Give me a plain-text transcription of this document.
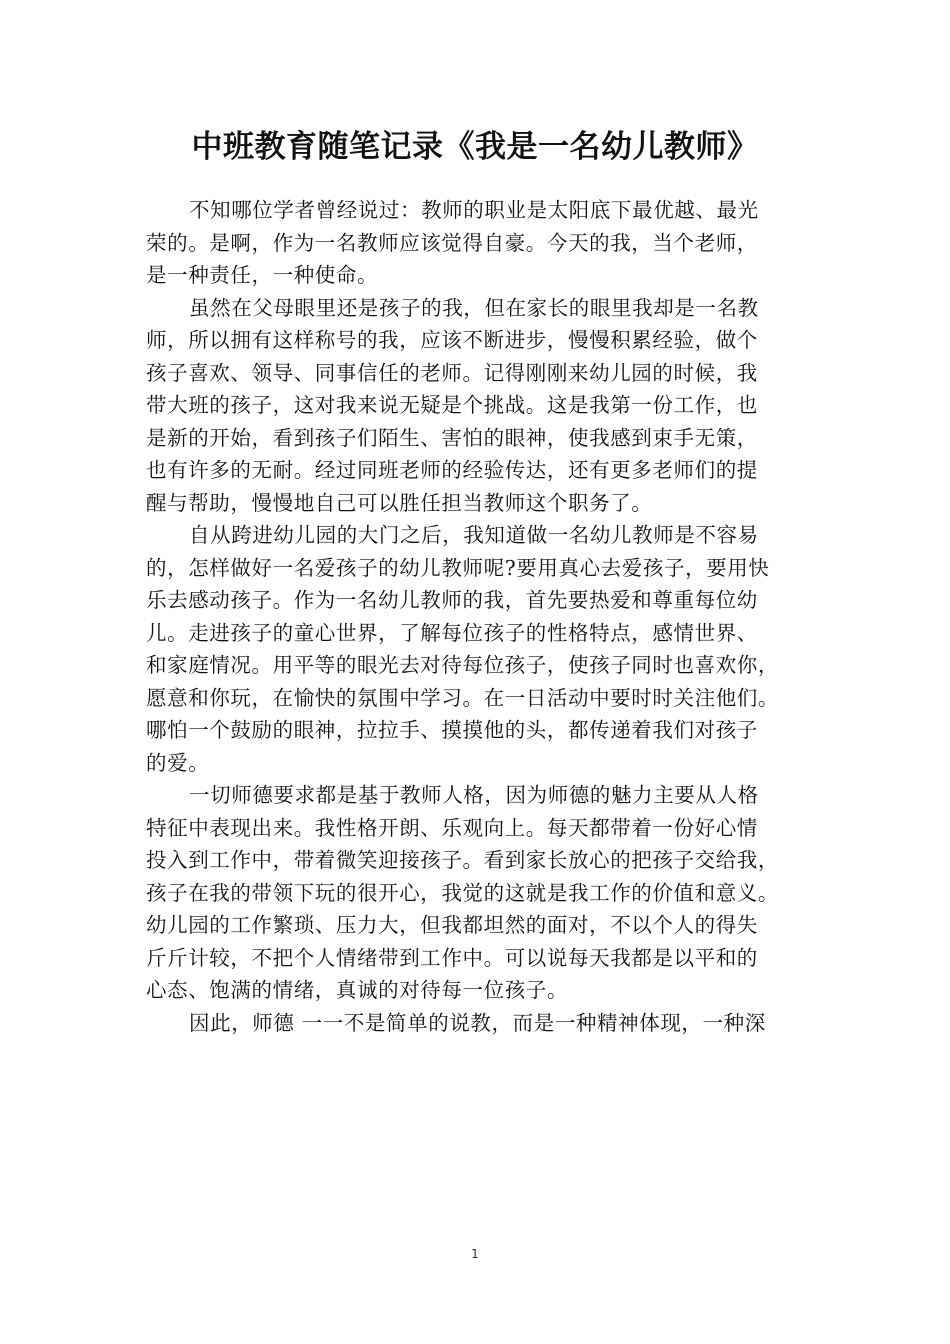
中班教育随笔记录《我是一名幼儿教师》
不知哪位学者曾经说过：教师的职业是太阳底下最优越、最光
荣的。是啊，作为一名教师应该觉得自豪。今天的我，当个老师，
是一种责任，一种使命。
虽然在父母眼里还是孩子的我，但在家长的眼里我却是一名教
师，所以拥有这样称号的我，应该不断进步，慢慢积累经验，做个
孩子喜欢、领导、同事信任的老师。记得刚刚来幼儿园的时候，我
带大班的孩子，这对我来说无疑是个挑战。这是我第一份工作，也
是新的开始，看到孩子们陌生、害怕的眼神，使我感到束手无策，
也有许多的无耐。经过同班老师的经验传达，还有更多老师们的提
醒与帮助，慢慢地自己可以胜任担当教师这个职务了。
自从跨进幼儿园的大门之后，我知道做一名幼儿教师是不容易
的，怎样做好一名爱孩子的幼儿教师呢?要用真心去爱孩子，要用快
乐去感动孩子。作为一名幼儿教师的我，首先要热爱和尊重每位幼
儿。走进孩子的童心世界，了解每位孩子的性格特点，感情世界、
和家庭情况。用平等的眼光去对待每位孩子，使孩子同时也喜欢你，
愿意和你玩，在愉快的氛围中学习。在一日活动中要时时关注他们。
哪怕一个鼓励的眼神，拉拉手、摸摸他的头，都传递着我们对孩子
的爱。
一切师德要求都是基于教师人格，因为师德的魅力主要从人格
特征中表现出来。我性格开朗、乐观向上。每天都带着一份好心情
投入到工作中，带着微笑迎接孩子。看到家长放心的把孩子交给我，
孩子在我的带领下玩的很开心，我觉的这就是我工作的价值和意义。
幼儿园的工作繁琐、压力大，但我都坦然的面对，不以个人的得失
斤斤计较，不把个人情绪带到工作中。可以说每天我都是以平和的
心态、饱满的情绪，真诚的对待每一位孩子。
因此，师德 一一不是简单的说教，而是一种精神体现，一种深
1
